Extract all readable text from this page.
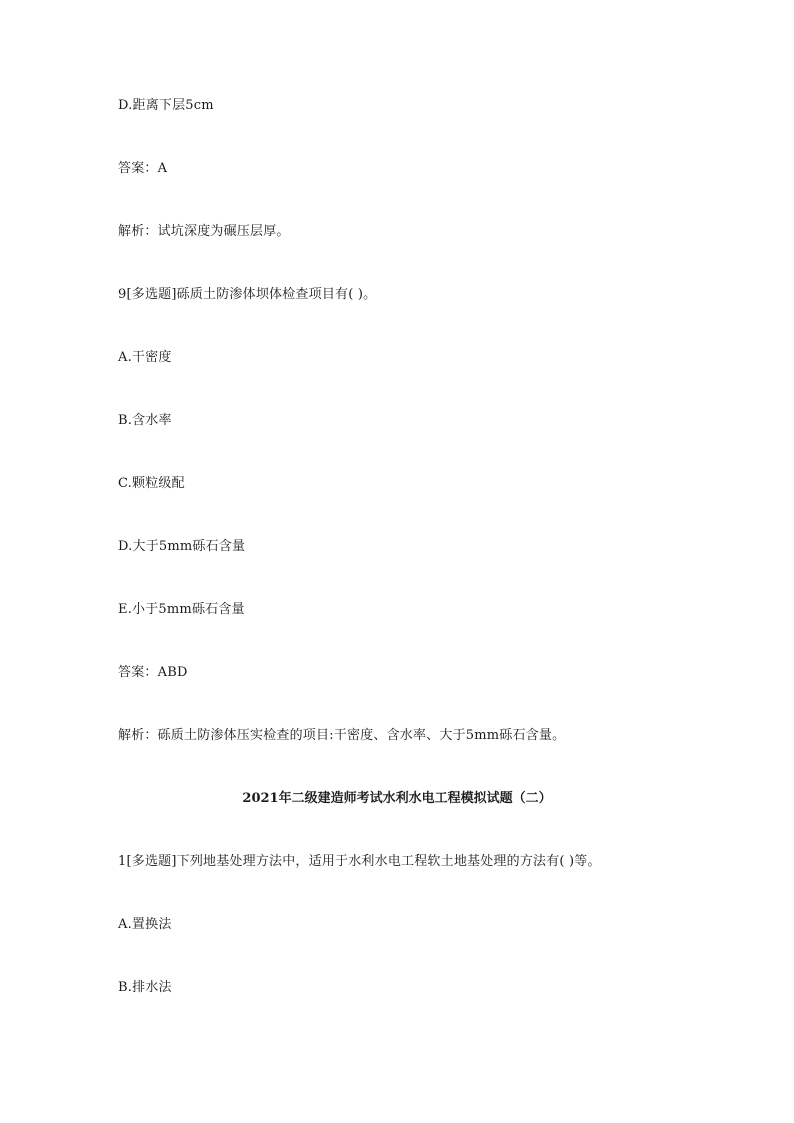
D.距离下层5cm
答案：A
解析：试坑深度为碾压层厚。
9[多选题]砾质土防渗体坝体检查项目有( )。
A.干密度
B.含水率
C.颗粒级配
D.大于5mm砾石含量
E.小于5mm砾石含量
答案：ABD
解析：砾质土防渗体压实检查的项目:干密度、含水率、大于5mm砾石含量。
2021年二级建造师考试水利水电工程模拟试题（二）
1[多选题]下列地基处理方法中，适用于水利水电工程软土地基处理的方法有( )等。
A.置换法
B.排水法
